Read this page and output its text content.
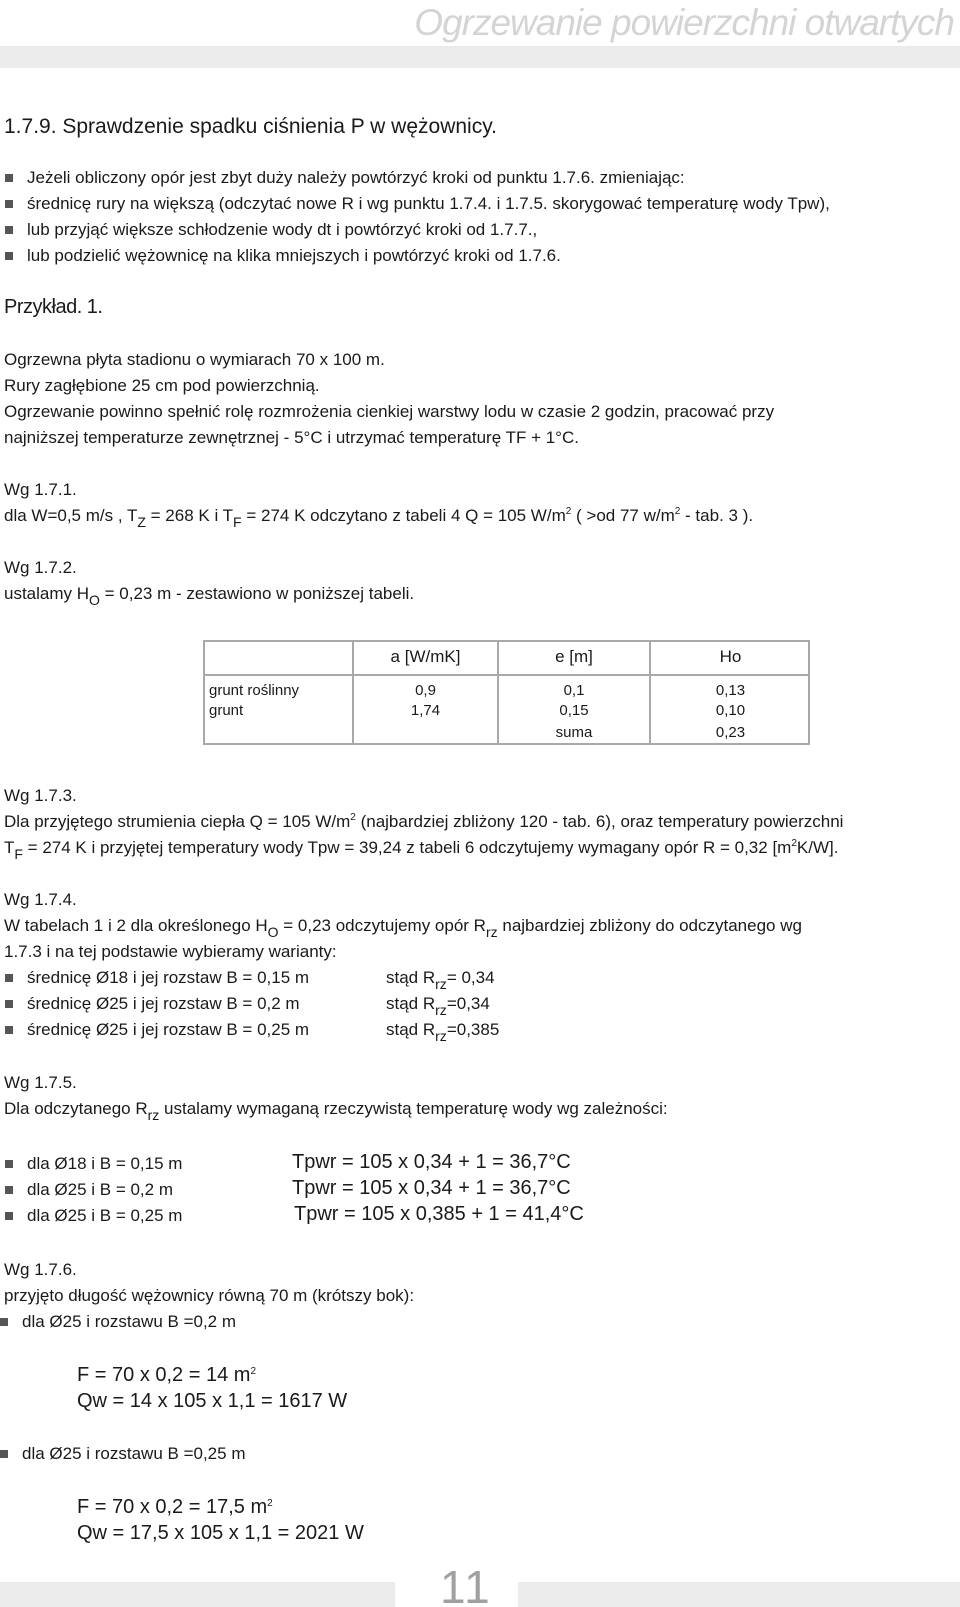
Ogrzewanie powierzchni otwartych
1.7.9. Sprawdzenie spadku ciśnienia P w wężownicy.
Jeżeli obliczony opór jest zbyt duży należy powtórzyć kroki od punktu 1.7.6. zmieniając:
średnicę rury na większą (odczytać nowe R i wg punktu 1.7.4. i 1.7.5. skorygować temperaturę wody Tpw),
lub przyjąć większe schłodzenie wody dt i powtórzyć kroki od 1.7.7.,
lub podzielić wężownicę na klika mniejszych i powtórzyć kroki od 1.7.6.
Przykład. 1.
Ogrzewna płyta stadionu o wymiarach 70 x 100 m.
Rury zagłębione 25 cm pod powierzchnią.
Ogrzewanie powinno spełnić rolę rozmrożenia cienkiej warstwy lodu w czasie 2 godzin, pracować przy
najniższej temperaturze zewnętrznej - 5°C i utrzymać temperaturę TF + 1°C.
Wg 1.7.1.
dla W=0,5 m/s , $T_Z = 268$ K i $T_F = 274$ K odczytano z tabeli 4 Q = 105 $W/m^2$ ( >od 77 $w/m^2$ - tab. 3 ).
Wg 1.7.2.
ustalamy $H_O = 0,23$ m - zestawiono w poniższej tabeli.
	a [W/mK]	e [m]	Ho
grunt roślinny	0,9	0,1	0,13
grunt	1,74	0,15	0,10
		suma	0,23
Wg 1.7.3.
Dla przyjętego strumienia ciepła Q = 105 $W/m^2$ (najbardziej zbliżony 120 - tab. 6), oraz temperatury powierzchni
$T_F = 274$ K i przyjętej temperatury wody Tpw = 39,24 z tabeli 6 odczytujemy wymagany opór R = 0,32 $[m^2K/W]$.
Wg 1.7.4.
W tabelach 1 i 2 dla określonego $H_O = 0,23$ odczytujemy opór $R_{rz}$ najbardziej zbliżony do odczytanego wg
1.7.3 i na tej podstawie wybieramy warianty:
średnicę Ø18 i jej rozstaw B = 0,15 m	stąd $R_{rz}= 0,34$
średnicę Ø25 i jej rozstaw B = 0,2 m	stąd $R_{rz}=0,34$
średnicę Ø25 i jej rozstaw B = 0,25 m	stąd $R_{rz}=0,385$
Wg 1.7.5.
Dla odczytanego $R_{rz}$ ustalamy wymaganą rzeczywistą temperaturę wody wg zależności:
dla Ø18 i B = 0,15 m	Tpwr = 105 x 0,34 + 1 = 36,7°C
dla Ø25 i B = 0,2 m	Tpwr = 105 x 0,34 + 1 = 36,7°C
dla Ø25 i B = 0,25 m	Tpwr = 105 x 0,385 + 1 = 41,4°C
Wg 1.7.6.
przyjęto długość wężownicy równą 70 m (krótszy bok):
dla Ø25 i rozstawu B =0,2 m
F = 70 x 0,2 = 14 $m^2$
Qw = 14 x 105 x 1,1 = 1617 W
dla Ø25 i rozstawu B =0,25 m
F = 70 x 0,2 = 17,5 $m^2$
Qw = 17,5 x 105 x 1,1 = 2021 W
11
